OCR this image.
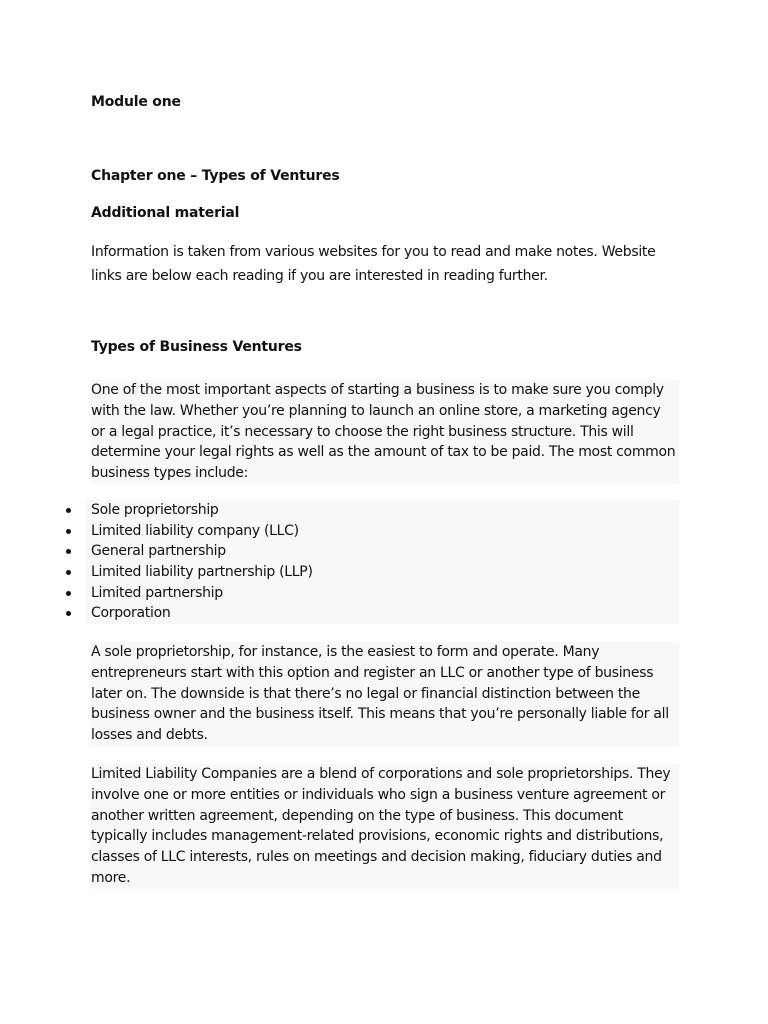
Module one
Chapter one – Types of Ventures
Additional material

Information is taken from various websites for you to read and make notes. Website
links are below each reading if you are interested in reading further.

Types of Business Ventures

One of the most important aspects of starting a business is to make sure you comply
with the law. Whether you’re planning to launch an online store, a marketing agency
or a legal practice, it’s necessary to choose the right business structure. This will
determine your legal rights as well as the amount of tax to be paid. The most common
business types include:

Sole proprietorship
Limited liability company (LLC)
General partnership
Limited liability partnership (LLP)
Limited partnership
Corporation

A sole proprietorship, for instance, is the easiest to form and operate. Many
entrepreneurs start with this option and register an LLC or another type of business
later on. The downside is that there’s no legal or financial distinction between the
business owner and the business itself. This means that you’re personally liable for all
losses and debts.

Limited Liability Companies are a blend of corporations and sole proprietorships. They
involve one or more entities or individuals who sign a business venture agreement or
another written agreement, depending on the type of business. This document
typically includes management-related provisions, economic rights and distributions,
classes of LLC interests, rules on meetings and decision making, fiduciary duties and
more.
